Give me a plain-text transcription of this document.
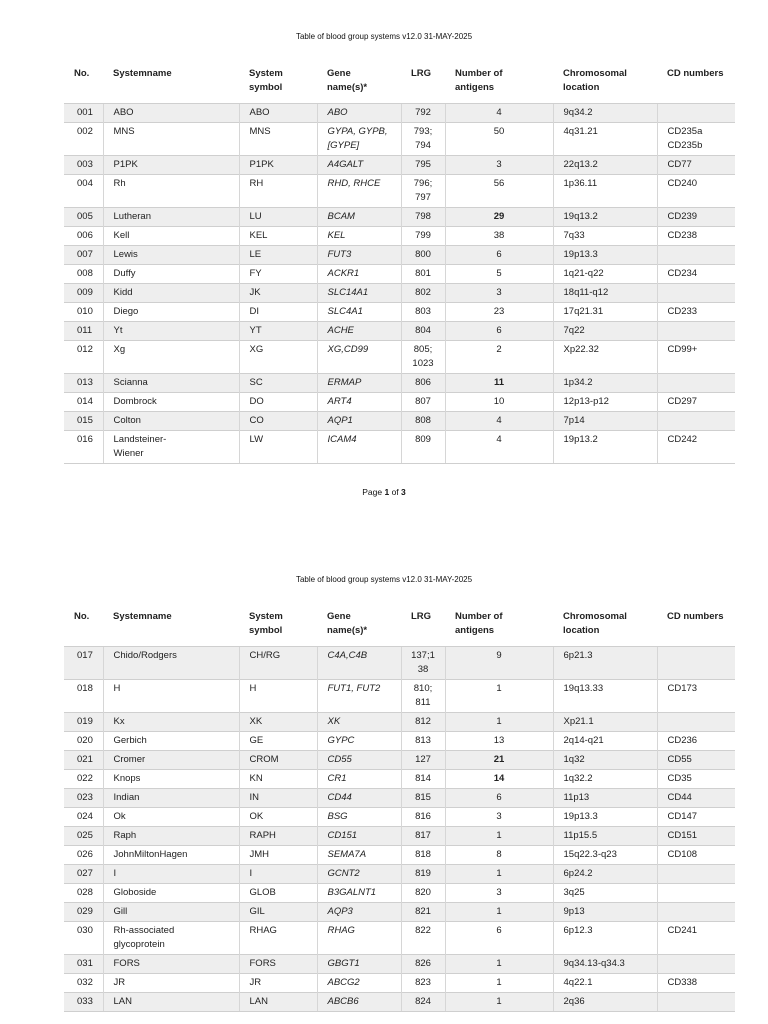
Table of blood group systems v12.0 31-MAY-2025
No.	Systemname	System
symbol	Gene
name(s)*	LRG	Number of
antigens	Chromosomal
location	CD numbers
001	ABO	ABO	ABO	792	4	9q34.2	
002	MNS	MNS	GYPA, GYPB,
[GYPE]	793;
794	50	4q31.21	CD235a
CD235b
003	P1PK	P1PK	A4GALT	795	3	22q13.2	CD77
004	Rh	RH	RHD, RHCE	796;
797	56	1p36.11	CD240
005	Lutheran	LU	BCAM	798	29	19q13.2	CD239
006	Kell	KEL	KEL	799	38	7q33	CD238
007	Lewis	LE	FUT3	800	6	19p13.3	
008	Duffy	FY	ACKR1	801	5	1q21-q22	CD234
009	Kidd	JK	SLC14A1	802	3	18q11-q12	
010	Diego	DI	SLC4A1	803	23	17q21.31	CD233
011	Yt	YT	ACHE	804	6	7q22	
012	Xg	XG	XG,CD99	805;
1023	2	Xp22.32	CD99+
013	Scianna	SC	ERMAP	806	11	1p34.2	
014	Dombrock	DO	ART4	807	10	12p13-p12	CD297
015	Colton	CO	AQP1	808	4	7p14	
016	Landsteiner-
Wiener	LW	ICAM4	809	4	19p13.2	CD242
Page 1 of 3
Table of blood group systems v12.0 31-MAY-2025
No.	Systemname	System
symbol	Gene
name(s)*	LRG	Number of
antigens	Chromosomal
location	CD numbers
017	Chido/Rodgers	CH/RG	C4A,C4B	137;1
38	9	6p21.3	
018	H	H	FUT1, FUT2	810;
811	1	19q13.33	CD173
019	Kx	XK	XK	812	1	Xp21.1	
020	Gerbich	GE	GYPC	813	13	2q14-q21	CD236
021	Cromer	CROM	CD55	127	21	1q32	CD55
022	Knops	KN	CR1	814	14	1q32.2	CD35
023	Indian	IN	CD44	815	6	11p13	CD44
024	Ok	OK	BSG	816	3	19p13.3	CD147
025	Raph	RAPH	CD151	817	1	11p15.5	CD151
026	JohnMiltonHagen	JMH	SEMA7A	818	8	15q22.3-q23	CD108
027	I	I	GCNT2	819	1	6p24.2	
028	Globoside	GLOB	B3GALNT1	820	3	3q25	
029	Gill	GIL	AQP3	821	1	9p13	
030	Rh-associated
glycoprotein	RHAG	RHAG	822	6	6p12.3	CD241
031	FORS	FORS	GBGT1	826	1	9q34.13-q34.3	
032	JR	JR	ABCG2	823	1	4q22.1	CD338
033	LAN	LAN	ABCB6	824	1	2q36	
